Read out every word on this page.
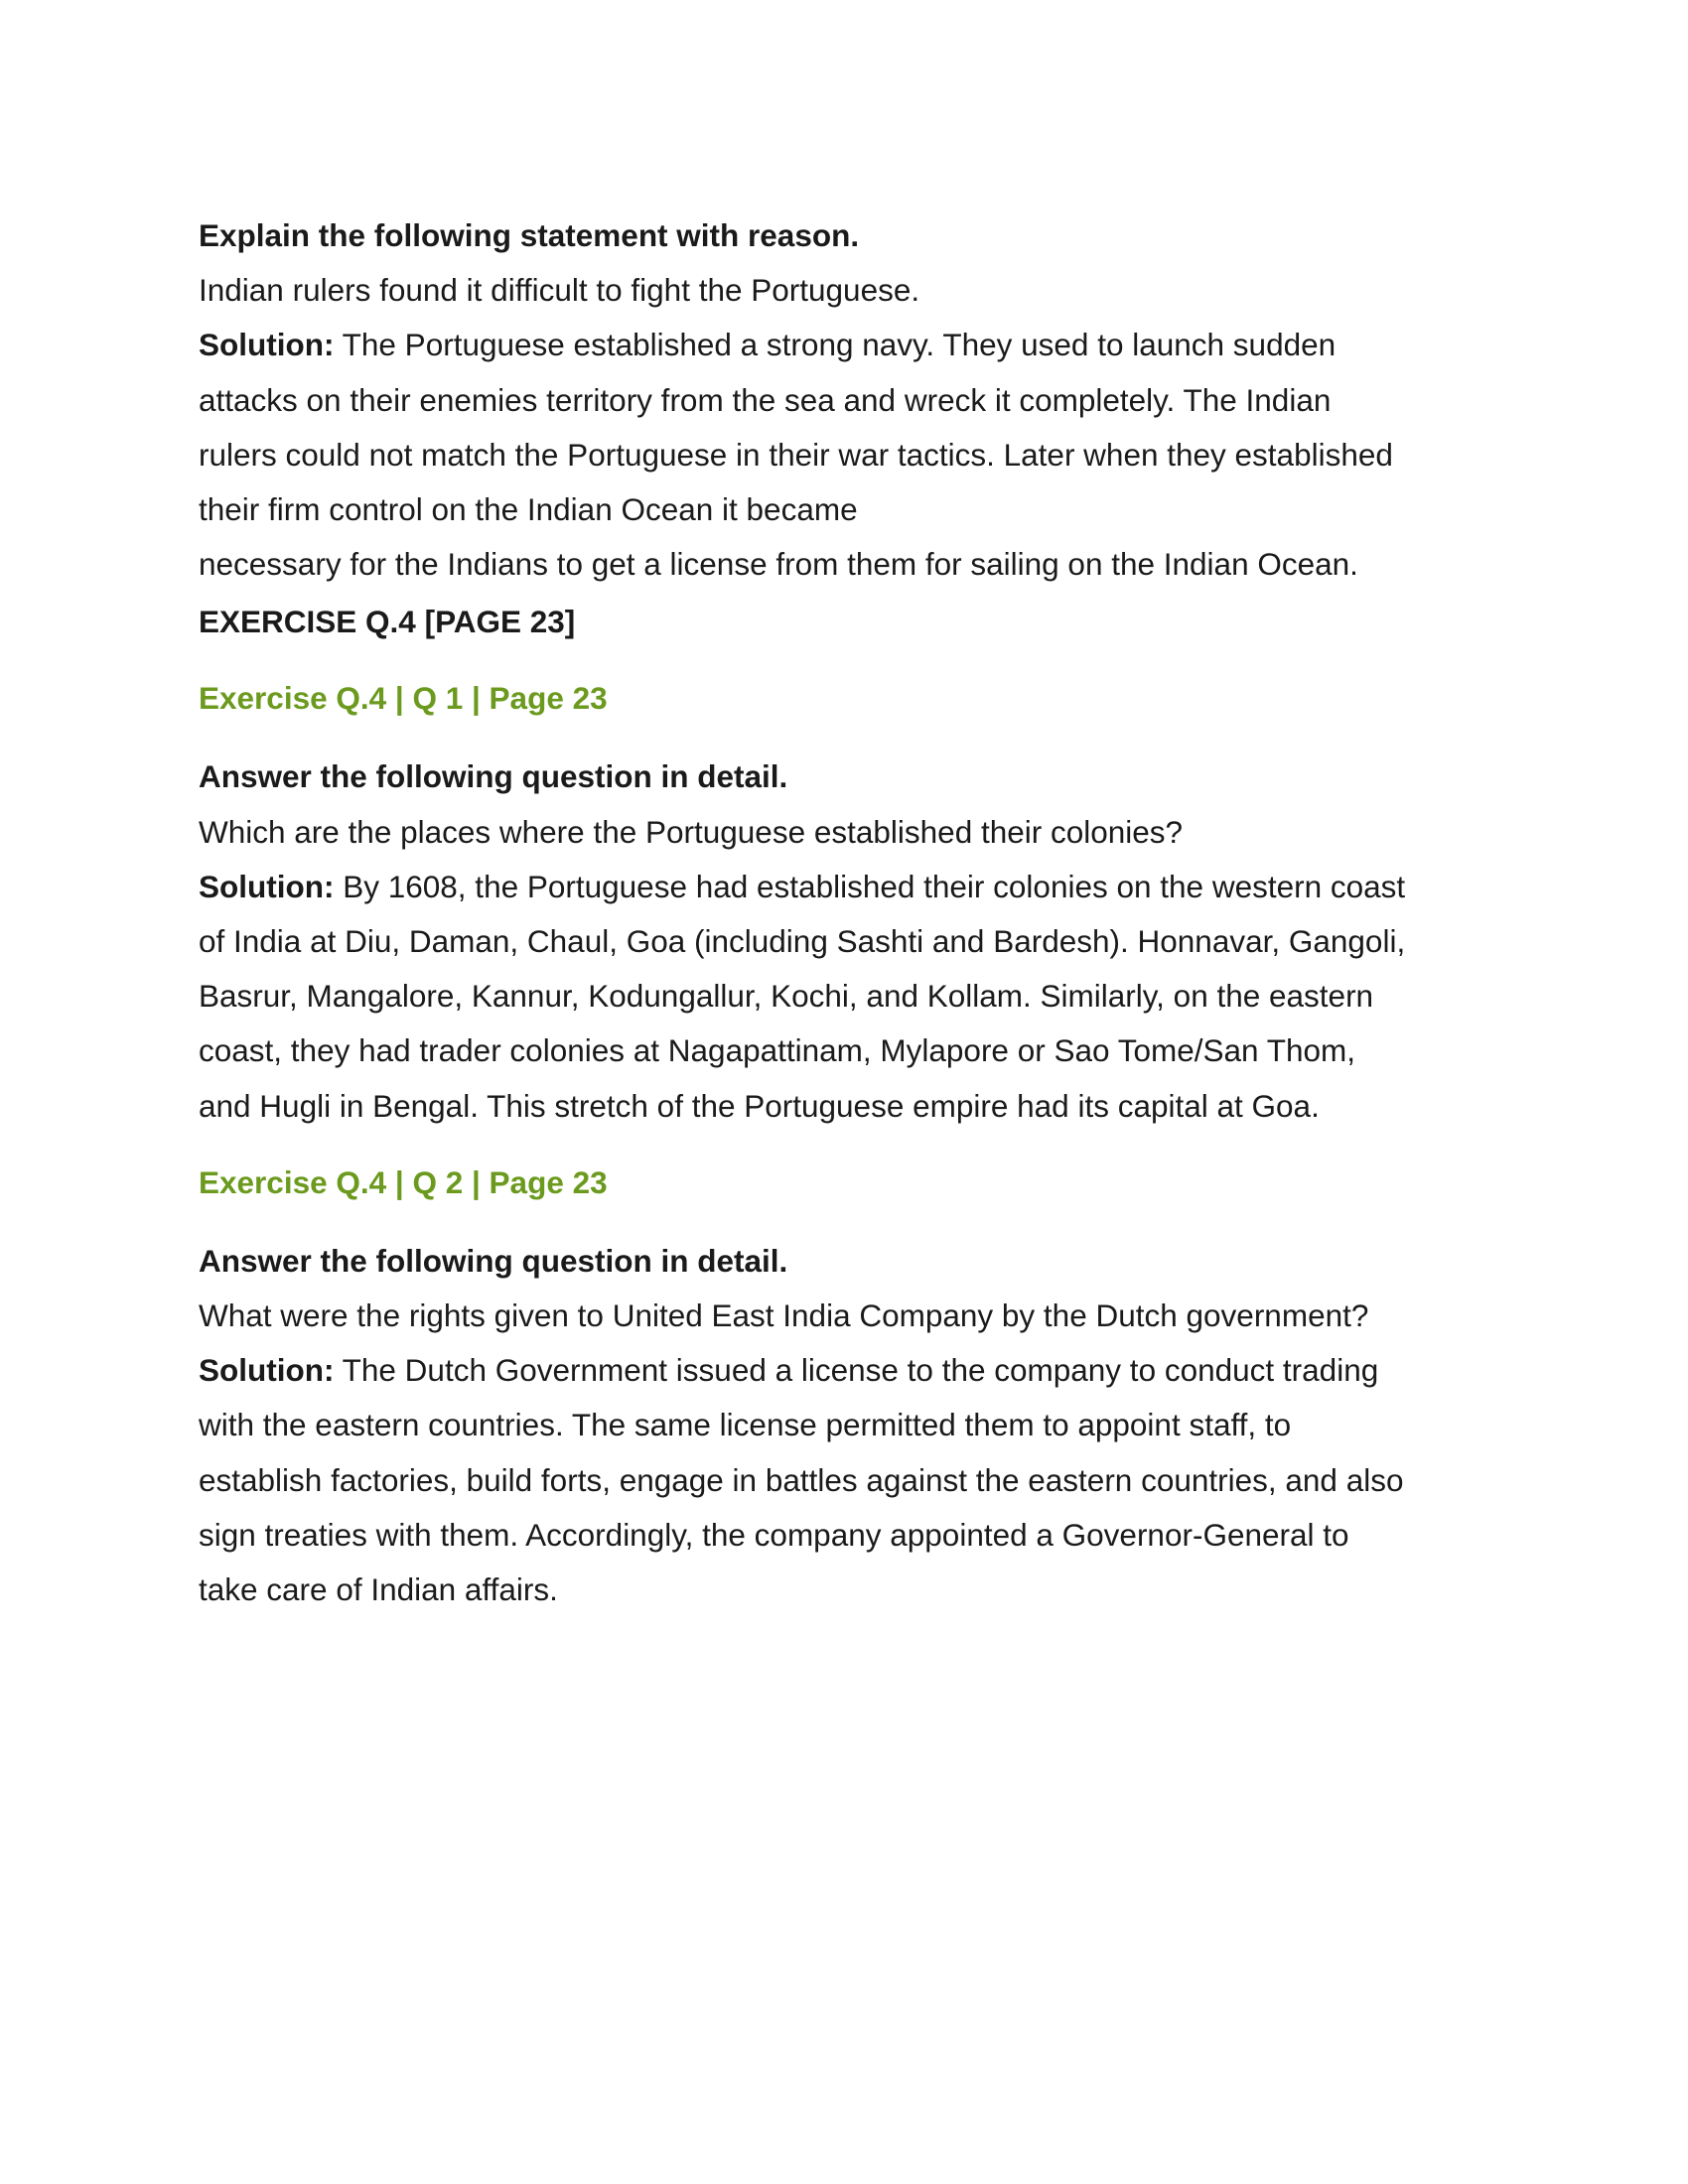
Explain the following statement with reason.

Indian rulers found it difficult to fight the Portuguese.

Solution: The Portuguese established a strong navy. They used to launch sudden

attacks on their enemies territory from the sea and wreck it completely. The Indian

rulers could not match the Portuguese in their war tactics. Later when they established

their firm control on the Indian Ocean it became

necessary for the Indians to get a license from them for sailing on the Indian Ocean.

EXERCISE Q.4 [PAGE 23]

Exercise Q.4 | Q 1 | Page 23

Answer the following question in detail.

Which are the places where the Portuguese established their colonies?

Solution: By 1608, the Portuguese had established their colonies on the western coast

of India at Diu, Daman, Chaul, Goa (including Sashti and Bardesh). Honnavar, Gangoli,

Basrur, Mangalore, Kannur, Kodungallur, Kochi, and Kollam. Similarly, on the eastern

coast, they had trader colonies at Nagapattinam, Mylapore or Sao Tome/San Thom,

and Hugli in Bengal. This stretch of the Portuguese empire had its capital at Goa.

Exercise Q.4 | Q 2 | Page 23

Answer the following question in detail.

What were the rights given to United East India Company by the Dutch government?

Solution: The Dutch Government issued a license to the company to conduct trading

with the eastern countries. The same license permitted them to appoint staff, to

establish factories, build forts, engage in battles against the eastern countries, and also

sign treaties with them. Accordingly, the company appointed a Governor-General to

take care of Indian affairs.
